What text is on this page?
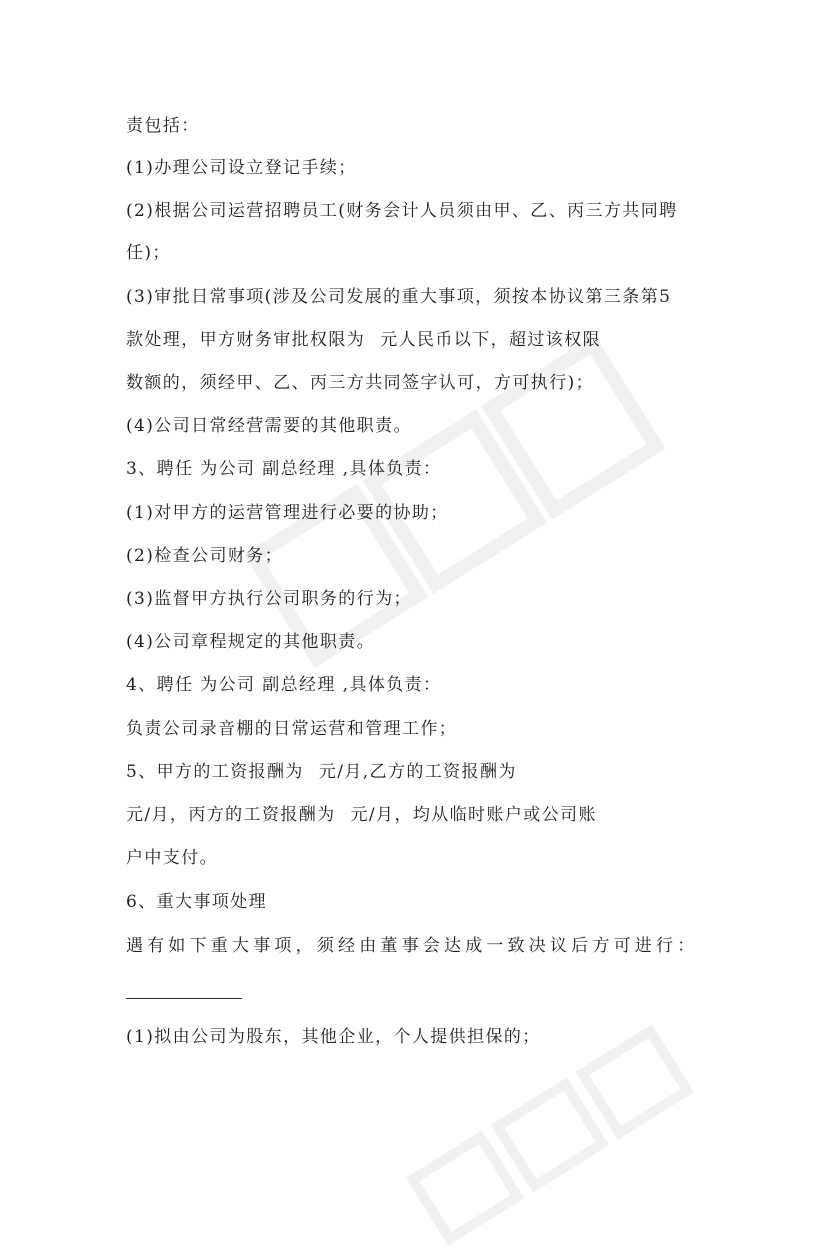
责包括：
(1)办理公司设立登记手续；
(2)根据公司运营招聘员工(财务会计人员须由甲、乙、丙三方共同聘
任)；
(3)审批日常事项(涉及公司发展的重大事项，须按本协议第三条第5
款处理，甲方财务审批权限为 元人民币以下，超过该权限
数额的，须经甲、乙、丙三方共同签字认可，方可执行)；
(4)公司日常经营需要的其他职责。
3、聘任 为公司 副总经理 ,具体负责：
(1)对甲方的运营管理进行必要的协助；
(2)检查公司财务；
(3)监督甲方执行公司职务的行为；
(4)公司章程规定的其他职责。
4、聘任 为公司 副总经理 ,具体负责：
负责公司录音棚的日常运营和管理工作；
5、甲方的工资报酬为 元/月,乙方的工资报酬为
元/月，丙方的工资报酬为 元/月，均从临时账户或公司账
户中支付。
6、重大事项处理
遇有如下重大事项，须经由董事会达成一致决议后方可进行：
(1)拟由公司为股东，其他企业，个人提供担保的；
